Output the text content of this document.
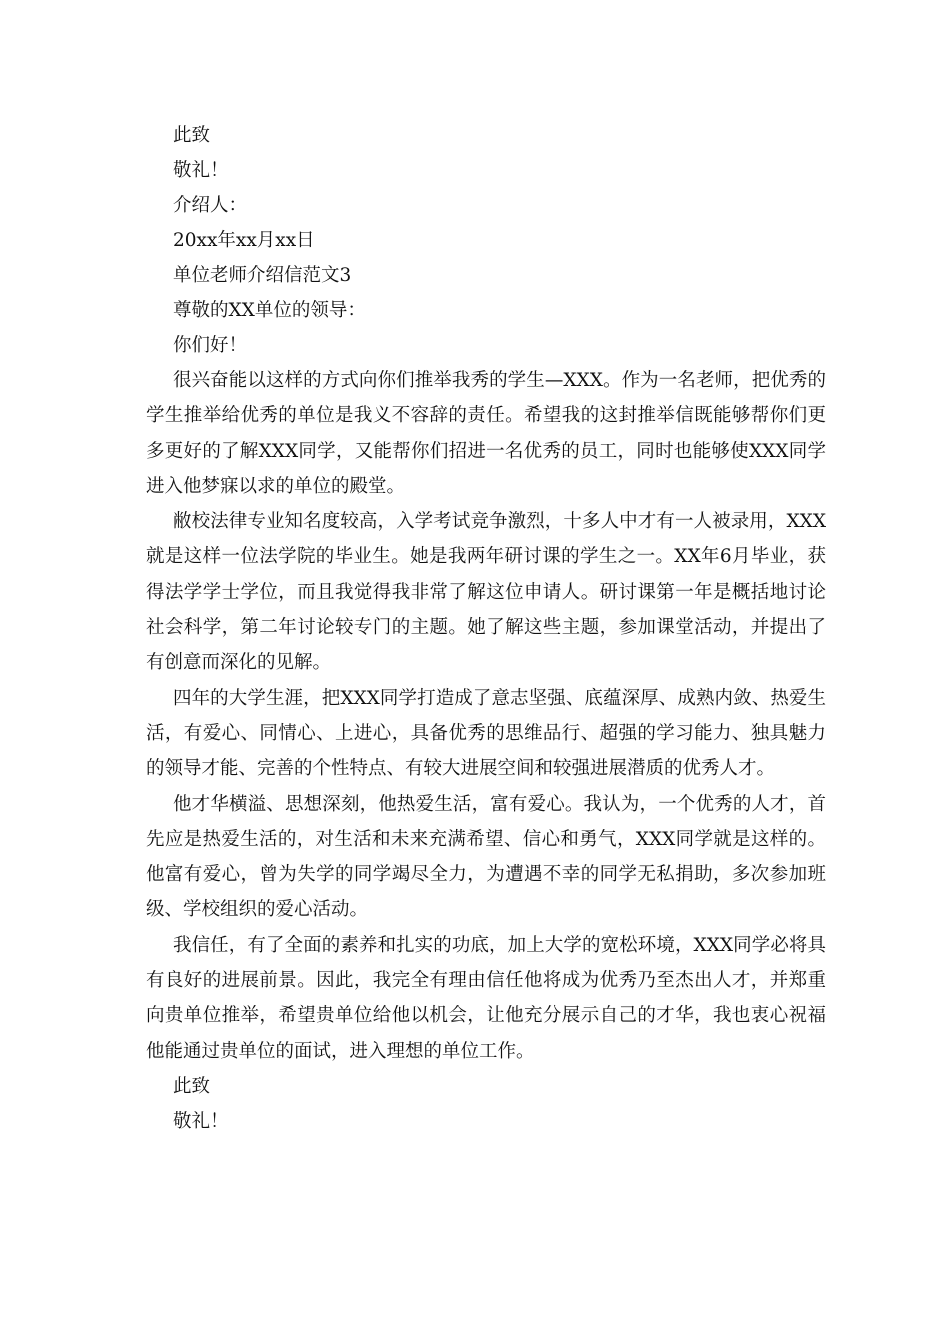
此致
敬礼！
介绍人：
20xx年xx月xx日
单位老师介绍信范文3
尊敬的XX单位的领导：
你们好！

很兴奋能以这样的方式向你们推举我秀的学生—XXX。作为一名老师，把优秀的学生推举给优秀的单位是我义不容辞的责任。希望我的这封推举信既能够帮你们更多更好的了解XXX同学，又能帮你们招进一名优秀的员工，同时也能够使XXX同学进入他梦寐以求的单位的殿堂。

敝校法律专业知名度较高，入学考试竞争激烈，十多人中才有一人被录用，XXX就是这样一位法学院的毕业生。她是我两年研讨课的学生之一。XX年6月毕业，获得法学学士学位，而且我觉得我非常了解这位申请人。研讨课第一年是概括地讨论社会科学，第二年讨论较专门的主题。她了解这些主题，参加课堂活动，并提出了有创意而深化的见解。

四年的大学生涯，把XXX同学打造成了意志坚强、底蕴深厚、成熟内敛、热爱生活，有爱心、同情心、上进心，具备优秀的思维品行、超强的学习能力、独具魅力的领导才能、完善的个性特点、有较大进展空间和较强进展潜质的优秀人才。

他才华横溢、思想深刻，他热爱生活，富有爱心。我认为，一个优秀的人才，首先应是热爱生活的，对生活和未来充满希望、信心和勇气，XXX同学就是这样的。他富有爱心，曾为失学的同学竭尽全力，为遭遇不幸的同学无私捐助，多次参加班级、学校组织的爱心活动。

我信任，有了全面的素养和扎实的功底，加上大学的宽松环境，XXX同学必将具有良好的进展前景。因此，我完全有理由信任他将成为优秀乃至杰出人才，并郑重向贵单位推举，希望贵单位给他以机会，让他充分展示自己的才华，我也衷心祝福他能通过贵单位的面试，进入理想的单位工作。

此致
敬礼！
